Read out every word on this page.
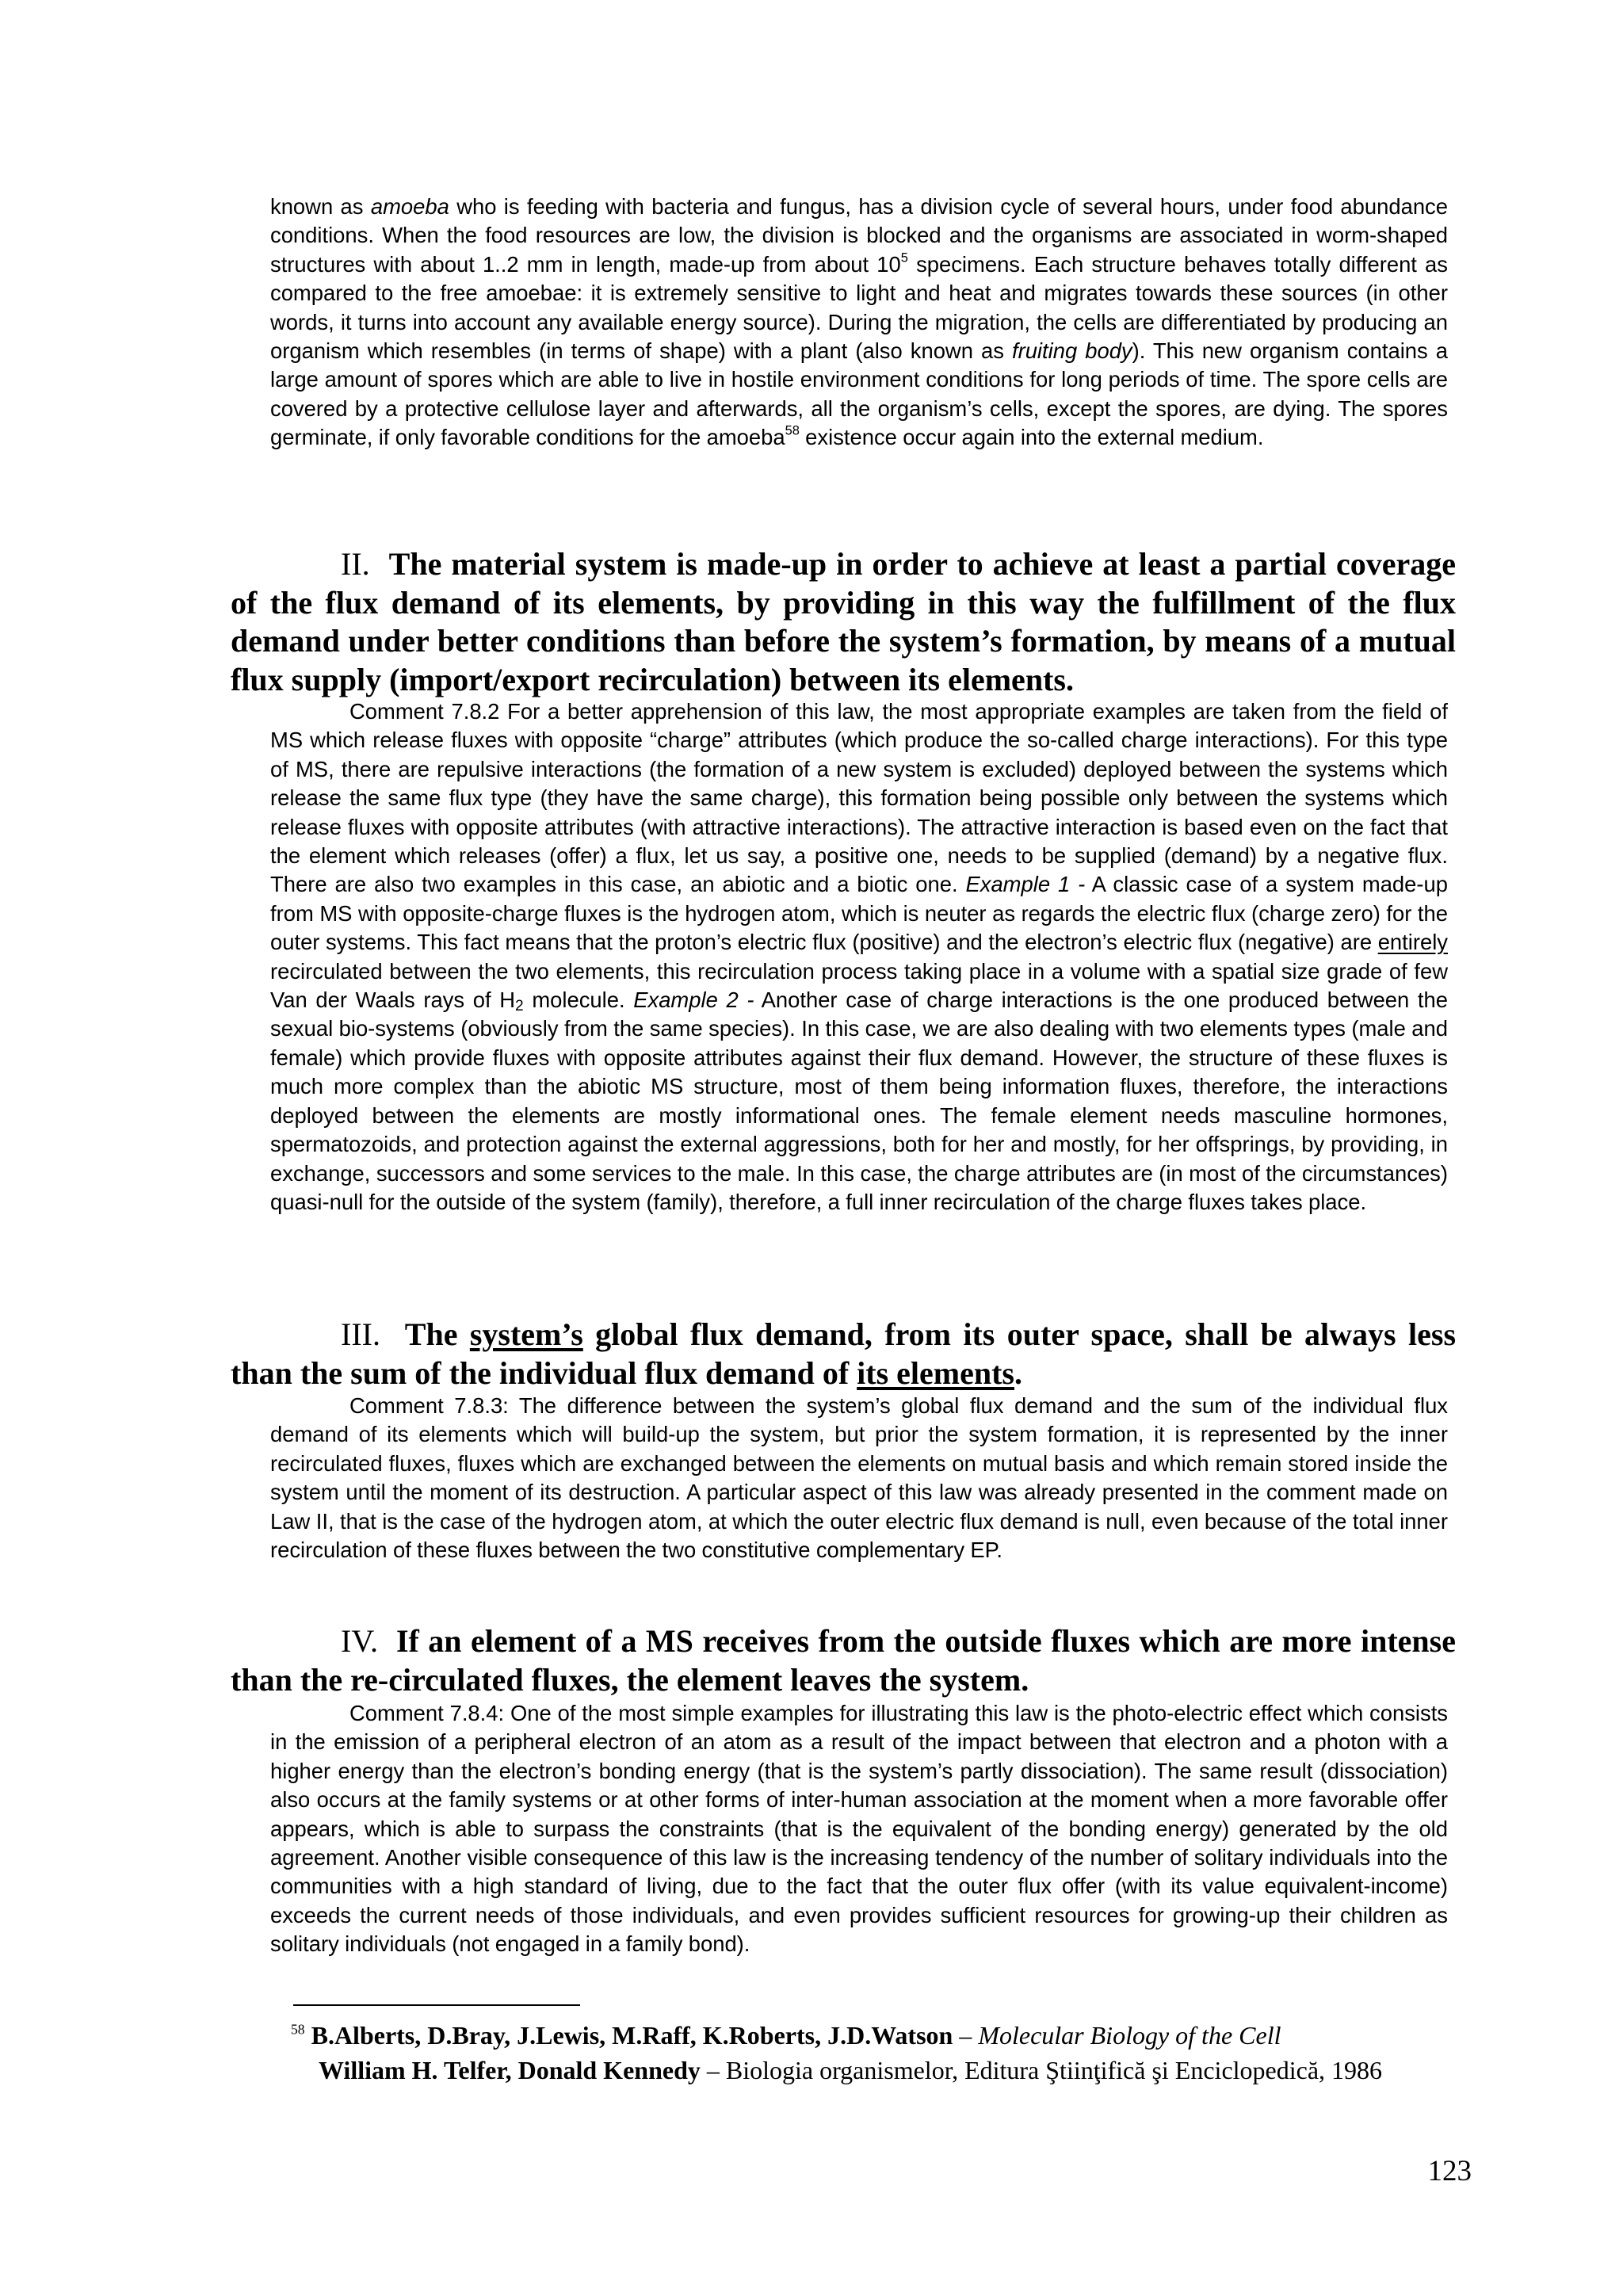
known as amoeba who is feeding with bacteria and fungus, has a division cycle of several hours, under food abundance conditions. When the food resources are low, the division is blocked and the organisms are associated in worm-shaped structures with about 1..2 mm in length, made-up from about $10^5$ specimens. Each structure behaves totally different as compared to the free amoebae: it is extremely sensitive to light and heat and migrates towards these sources (in other words, it turns into account any available energy source). During the migration, the cells are differentiated by producing an organism which resembles (in terms of shape) with a plant (also known as fruiting body). This new organism contains a large amount of spores which are able to live in hostile environment conditions for long periods of time. The spore cells are covered by a protective cellulose layer and afterwards, all the organism’s cells, except the spores, are dying. The spores germinate, if only favorable conditions for the amoeba$^{58}$ existence occur again into the external medium.

II. The material system is made-up in order to achieve at least a partial coverage of the flux demand of its elements, by providing in this way the fulfillment of the flux demand under better conditions than before the system’s formation, by means of a mutual flux supply (import/export recirculation) between its elements.

Comment 7.8.2 For a better apprehension of this law, the most appropriate examples are taken from the field of MS which release fluxes with opposite “charge” attributes (which produce the so-called charge interactions). For this type of MS, there are repulsive interactions (the formation of a new system is excluded) deployed between the systems which release the same flux type (they have the same charge), this formation being possible only between the systems which release fluxes with opposite attributes (with attractive interactions). The attractive interaction is based even on the fact that the element which releases (offer) a flux, let us say, a positive one, needs to be supplied (demand) by a negative flux. There are also two examples in this case, an abiotic and a biotic one. Example 1 - A classic case of a system made-up from MS with opposite-charge fluxes is the hydrogen atom, which is neuter as regards the electric flux (charge zero) for the outer systems. This fact means that the proton’s electric flux (positive) and the electron’s electric flux (negative) are entirely recirculated between the two elements, this recirculation process taking place in a volume with a spatial size grade of few Van der Waals rays of $H_2$ molecule. Example 2 - Another case of charge interactions is the one produced between the sexual bio-systems (obviously from the same species). In this case, we are also dealing with two elements types (male and female) which provide fluxes with opposite attributes against their flux demand. However, the structure of these fluxes is much more complex than the abiotic MS structure, most of them being information fluxes, therefore, the interactions deployed between the elements are mostly informational ones. The female element needs masculine hormones, spermatozoids, and protection against the external aggressions, both for her and mostly, for her offsprings, by providing, in exchange, successors and some services to the male. In this case, the charge attributes are (in most of the circumstances) quasi-null for the outside of the system (family), therefore, a full inner recirculation of the charge fluxes takes place.

III. The system’s global flux demand, from its outer space, shall be always less than the sum of the individual flux demand of its elements.

Comment 7.8.3: The difference between the system’s global flux demand and the sum of the individual flux demand of its elements which will build-up the system, but prior the system formation, it is represented by the inner recirculated fluxes, fluxes which are exchanged between the elements on mutual basis and which remain stored inside the system until the moment of its destruction. A particular aspect of this law was already presented in the comment made on Law II, that is the case of the hydrogen atom, at which the outer electric flux demand is null, even because of the total inner recirculation of these fluxes between the two constitutive complementary EP.

IV. If an element of a MS receives from the outside fluxes which are more intense than the re-circulated fluxes, the element leaves the system.

Comment 7.8.4: One of the most simple examples for illustrating this law is the photo-electric effect which consists in the emission of a peripheral electron of an atom as a result of the impact between that electron and a photon with a higher energy than the electron’s bonding energy (that is the system’s partly dissociation). The same result (dissociation) also occurs at the family systems or at other forms of inter-human association at the moment when a more favorable offer appears, which is able to surpass the constraints (that is the equivalent of the bonding energy) generated by the old agreement. Another visible consequence of this law is the increasing tendency of the number of solitary individuals into the communities with a high standard of living, due to the fact that the outer flux offer (with its value equivalent-income) exceeds the current needs of those individuals, and even provides sufficient resources for growing-up their children as solitary individuals (not engaged in a family bond).

$^{58}$ B.Alberts, D.Bray, J.Lewis, M.Raff, K.Roberts, J.D.Watson – Molecular Biology of the Cell
William H. Telfer, Donald Kennedy – Biologia organismelor, Editura Ştiinţifică şi Enciclopedică, 1986
123
